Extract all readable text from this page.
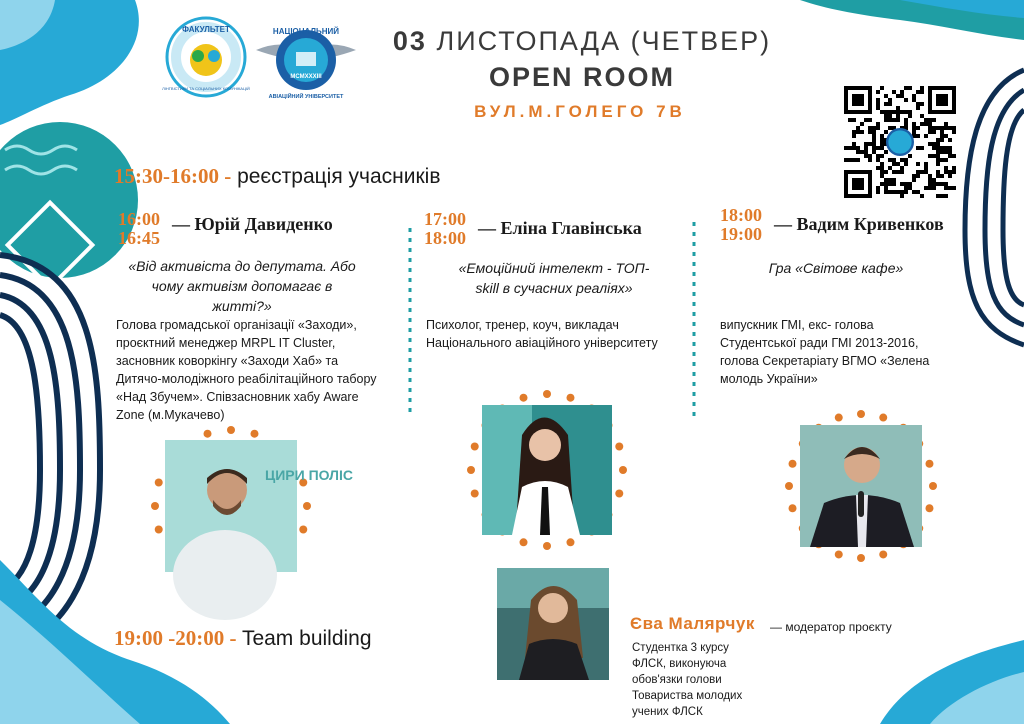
ФАКУЛЬТЕТ
ЛІНГВІСТИКИ ТА СОЦІАЛЬНИХ КОМУНІКАЦІЙ
НАЦІОНАЛЬНИЙ
MCMXXXIII
АВІАЦІЙНИЙ УНІВЕРСИТЕТ
03 ЛИСТОПАДА (ЧЕТВЕР)
OPEN ROOM
ВУЛ.М.ГОЛЕГО 7В
15:30-16:00 - реєстрація учасників
16:00
16:45
— Юрій Давиденко
«Від активіста до депутата. Або чому активізм допомагає в житті?»
Голова громадської організації «Заходи», проєктний менеджер MRPL IT Cluster, засновник коворкінгу «Заходи Хаб» та Дитячо-молодіжного реабілітаційного табору «Над Збучем». Співзасновник хабу Aware Zone (м.Мукачево)
17:00
18:00 — Еліна Главінська
«Емоційний інтелект - ТОП-skill в сучасних реаліях»
Психолог, тренер, коуч, викладач Національного авіаційного університету
18:00
19:00 — Вадим Кривенков
Гра «Світове кафе»
випускник ГМІ, екс- голова Студентської ради ГМІ 2013-2016, голова Секретаріату ВГМО «Зелена молодь України»
ЦИРИ ПОЛІС
19:00 -20:00 - Team building
Єва Малярчук — модератор проєкту
Студентка 3 курсу ФЛСК, виконуюча обов'язки голови Товариства молодих учених ФЛСК
